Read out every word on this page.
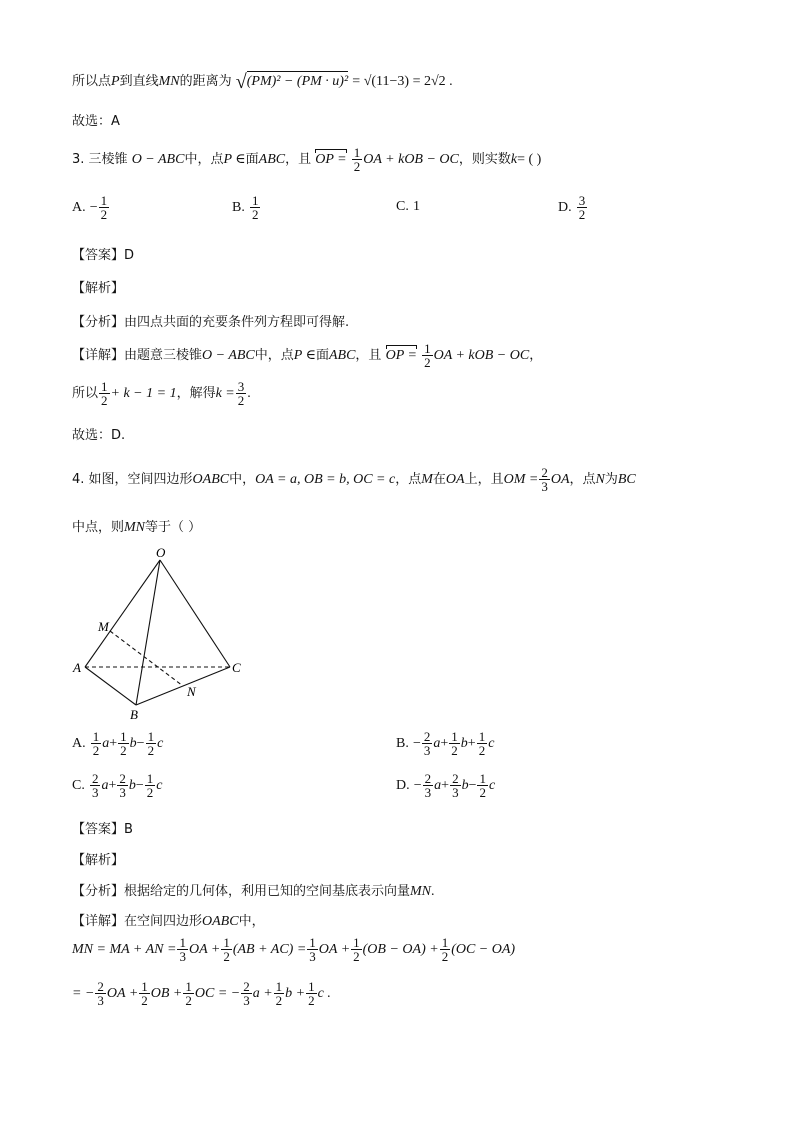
所以点P到直线MN的距离为 √(PM)² − (PM · u)² = √(11−3) = 2√2 .
故选：A
3. 三棱锥 O − ABC中，点P ∈面ABC，且 OP = $\frac{1}{2}$ OA + kOB − OC，则实数k= ( )
A. − $\frac{1}{2}$	B. $\frac{1}{2}$	C. 1	D. $\frac{3}{2}$
【答案】D
【解析】
【分析】由四点共面的充要条件列方程即可得解.
【详解】由题意三棱锥O − ABC中，点P ∈面ABC，且 OP = $\frac{1}{2}$ OA + kOB − OC，
所以 $\frac{1}{2} + k - 1 = 1$，解得$k = \frac{3}{2}$ .
故选：D.
4. 如图，空间四边形OABC中，OA = a, OB = b, OC = c，点M在OA上，且OM = $\frac{2}{3}$ OA，点N为BC
中点，则MN等于（ ）
O
M
A	C
N
B
A. $\frac{1}{2} a+ \frac{1}{2} b- \frac{1}{2}$ c	B. − $\frac{2}{3} a+ \frac{1}{2} b+ \frac{1}{2}$ c
C. $\frac{2}{3} a+ \frac{2}{3} b- \frac{1}{2}$ c	D. − $\frac{2}{3} a+ \frac{2}{3} b- \frac{1}{2}$ c
【答案】B
【解析】
【分析】根据给定的几何体，利用已知的空间基底表示向量MN.
【详解】在空间四边形OABC中，
MN = MA + AN = $\frac{1}{3}$ OA + $\frac{1}{2} (AB + AC) = \frac{1}{3}$ OA + $\frac{1}{2} (OB - OA) + \frac{1}{2} (OC - OA)$
= − $\frac{2}{3}$ OA + $\frac{1}{2}$ OB + $\frac{1}{2}$ OC = − $\frac{2}{3}$ $a + \frac{1}{2}$ $b + \frac{1}{2}$ c .
